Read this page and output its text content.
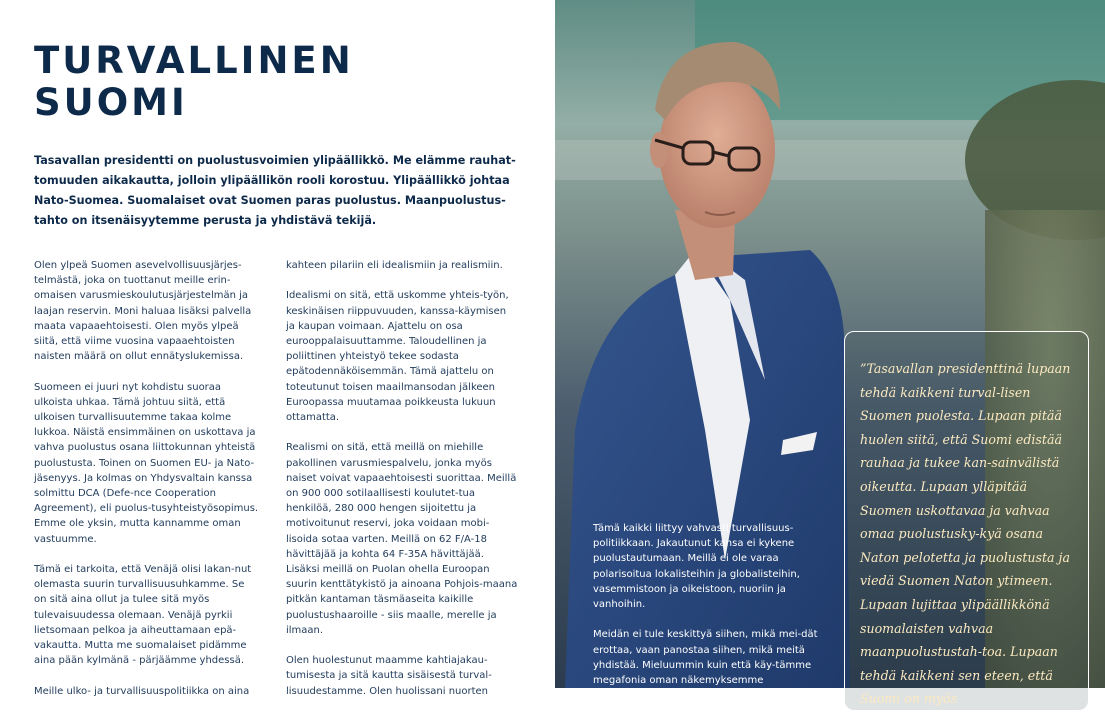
TURVALLINEN
SUOMI

Tasavallan presidentti on puolustusvoimien ylipäällikkö. Me elämme rauhat-tomuuden aikakautta, jolloin ylipäällikön rooli korostuu. Ylipäällikkö johtaa Nato-Suomea. Suomalaiset ovat Suomen paras puolustus. Maanpuolustus-tahto on itsenäisyytemme perusta ja yhdistävä tekijä.

Olen ylpeä Suomen asevelvollisuusjärjes-telmästä, joka on tuottanut meille erin-omaisen varusmieskoulutusjärjestelmän ja laajan reservin. Moni haluaa lisäksi palvella maata vapaaehtoisesti. Olen myös ylpeä siitä, että viime vuosina vapaaehtoisten naisten määrä on ollut ennätyslukemissa.

Suomeen ei juuri nyt kohdistu suoraa ulkoista uhkaa. Tämä johtuu siitä, että ulkoisen turvallisuutemme takaa kolme lukkoa. Näistä ensimmäinen on uskottava ja vahva puolustus osana liittokunnan yhteistä puolustusta. Toinen on Suomen EU- ja Nato-jäsenyys. Ja kolmas on Yhdysvaltain kanssa solmittu DCA (Defe-nce Cooperation Agreement), eli puolus-tusyhteistyösopimus. Emme ole yksin, mutta kannamme oman vastuumme.

Tämä ei tarkoita, että Venäjä olisi lakan-nut olemasta suurin turvallisuusuhkamme. Se on sitä aina ollut ja tulee sitä myös tulevaisuudessa olemaan. Venäjä pyrkii lietsomaan pelkoa ja aiheuttamaan epä-vakautta. Mutta me suomalaiset pidämme aina pään kylmänä - pärjäämme yhdessä.

Meille ulko- ja turvallisuuspolitiikka on aina

kahteen pilariin eli idealismiin ja realismiin.

Idealismi on sitä, että uskomme yhteis-työn, keskinäisen riippuvuuden, kanssa-käymisen ja kaupan voimaan. Ajattelu on osa eurooppalaisuuttamme. Taloudellinen ja poliittinen yhteistyö tekee sodasta epätodennäköisemmän. Tämä ajattelu on toteutunut toisen maailmansodan jälkeen Euroopassa muutamaa poikkeusta lukuun ottamatta.

Realismi on sitä, että meillä on miehille pakollinen varusmiespalvelu, jonka myös naiset voivat vapaaehtoisesti suorittaa. Meillä on 900 000 sotilaallisesti koulutet-tua henkilöä, 280 000 hengen sijoitettu ja motivoitunut reservi, joka voidaan mobi-lisoida sotaa varten. Meillä on 62 F/A-18 hävittäjää ja kohta 64 F-35A hävittäjää. Lisäksi meillä on Puolan ohella Euroopan suurin kenttätykistö ja ainoana Pohjois-maana pitkän kantaman täsmäaseita kaikille puolustushaaroille - siis maalle, merelle ja ilmaan.

Olen huolestunut maamme kahtiajakau-tumisesta ja sitä kautta sisäisestä turval-lisuudestamme. Olen huolissani nuorten

”Tasavallan presidenttinä lupaan tehdä kaikkeni turval-lisen Suomen puolesta. Lupaan pitää huolen siitä, että Suomi edistää rauhaa ja tukee kan-sainvälistä oikeutta. Lupaan ylläpitää Suomen uskottavaa ja vahvaa omaa puolustusky-kyä osana Naton pelotetta ja puolustusta ja viedä Suomen Naton ytimeen. Lupaan lujittaa ylipäällikkönä suomalaisten vahvaa maanpuolustustah-toa. Lupaan tehdä kaikkeni sen eteen, että Suomi on myös

Tämä kaikki liittyy vahvasti turvallisuus-politiikkaan. Jakautunut kansa ei kykene puolustautumaan. Meillä ei ole varaa polarisoitua lokalisteihin ja globalisteihin, vasemmistoon ja oikeistoon, nuoriin ja vanhoihin.

Meidän ei tule keskittyä siihen, mikä mei-dät erottaa, vaan panostaa siihen, mikä meitä yhdistää. Mieluummin kuin että käy-tämme megafonia oman näkemyksemme
